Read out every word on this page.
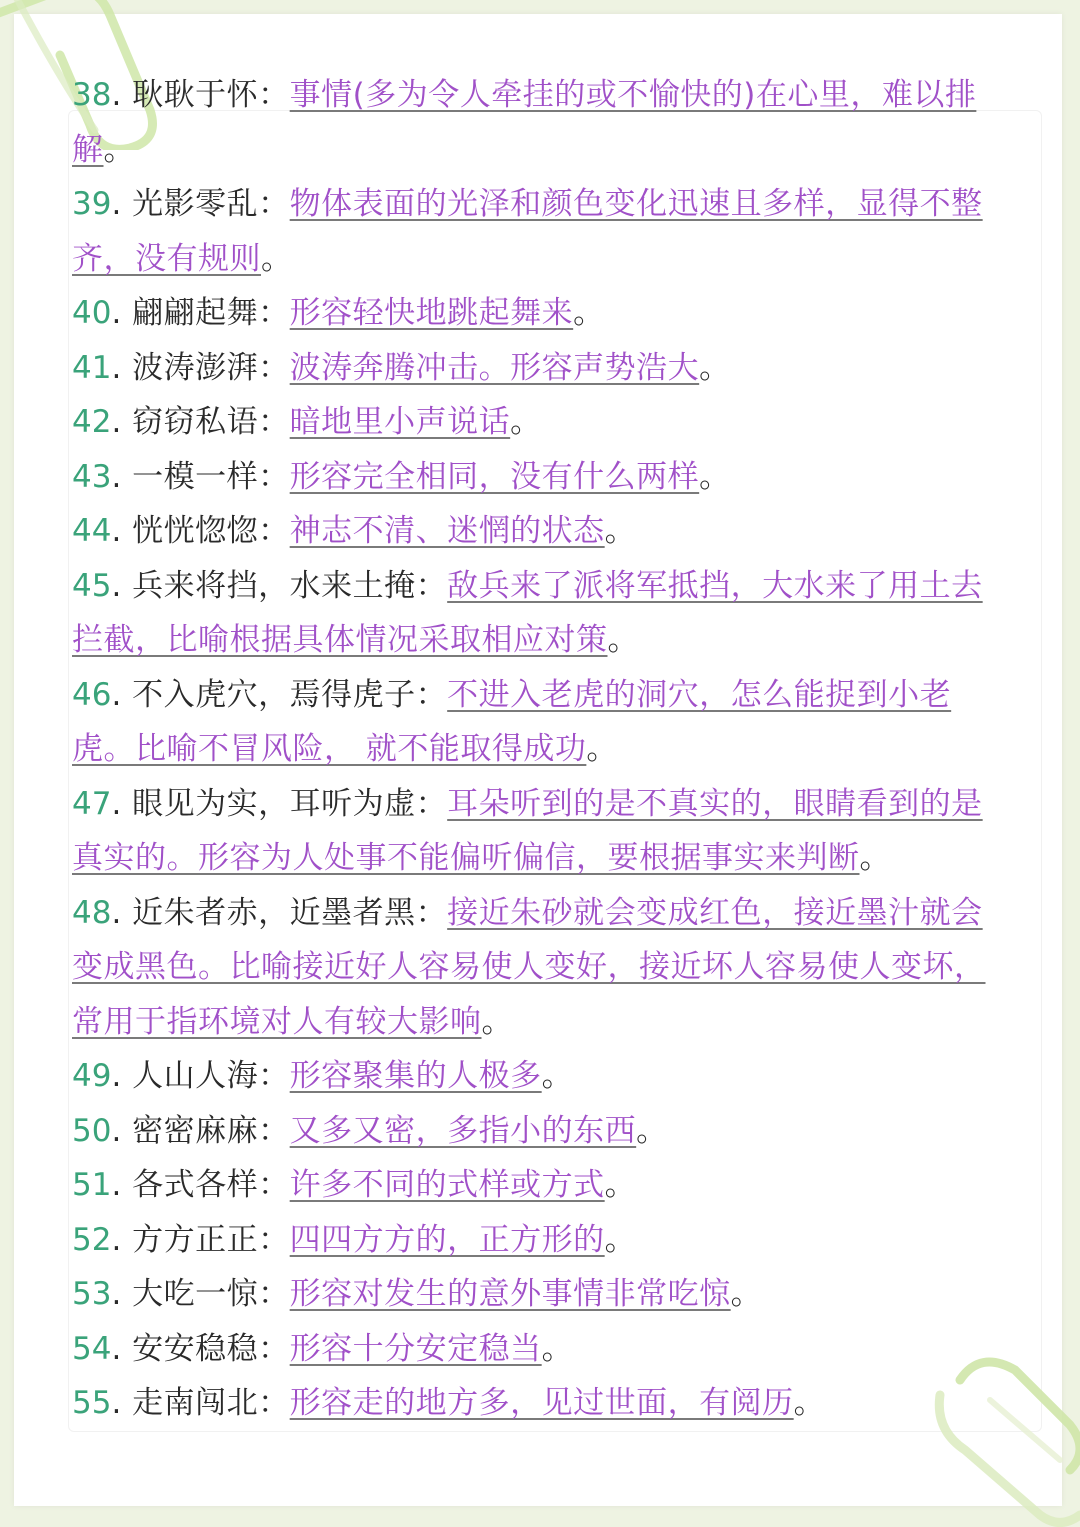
38. 耿耿于怀：事情(多为令人牵挂的或不愉快的)在心里，难以排解。

39. 光影零乱：物体表面的光泽和颜色变化迅速且多样，显得不整齐，没有规则。

40. 翩翩起舞：形容轻快地跳起舞来。

41. 波涛澎湃：波涛奔腾冲击。形容声势浩大。

42. 窃窃私语：暗地里小声说话。

43. 一模一样：形容完全相同，没有什么两样。

44. 恍恍惚惚：神志不清、迷惘的状态。

45. 兵来将挡，水来土掩：敌兵来了派将军抵挡，大水来了用土去拦截，比喻根据具体情况采取相应对策。

46. 不入虎穴，焉得虎子：不进入老虎的洞穴，怎么能捉到小老虎。比喻不冒风险， 就不能取得成功。

47. 眼见为实，耳听为虚：耳朵听到的是不真实的，眼睛看到的是真实的。形容为人处事不能偏听偏信，要根据事实来判断。

48. 近朱者赤，近墨者黑：接近朱砂就会变成红色，接近墨汁就会变成黑色。比喻接近好人容易使人变好，接近坏人容易使人变坏， 常用于指环境对人有较大影响。

49. 人山人海：形容聚集的人极多。

50. 密密麻麻：又多又密，多指小的东西。

51. 各式各样：许多不同的式样或方式。

52. 方方正正：四四方方的，正方形的。

53. 大吃一惊：形容对发生的意外事情非常吃惊。

54. 安安稳稳：形容十分安定稳当。

55. 走南闯北：形容走的地方多，见过世面，有阅历。
